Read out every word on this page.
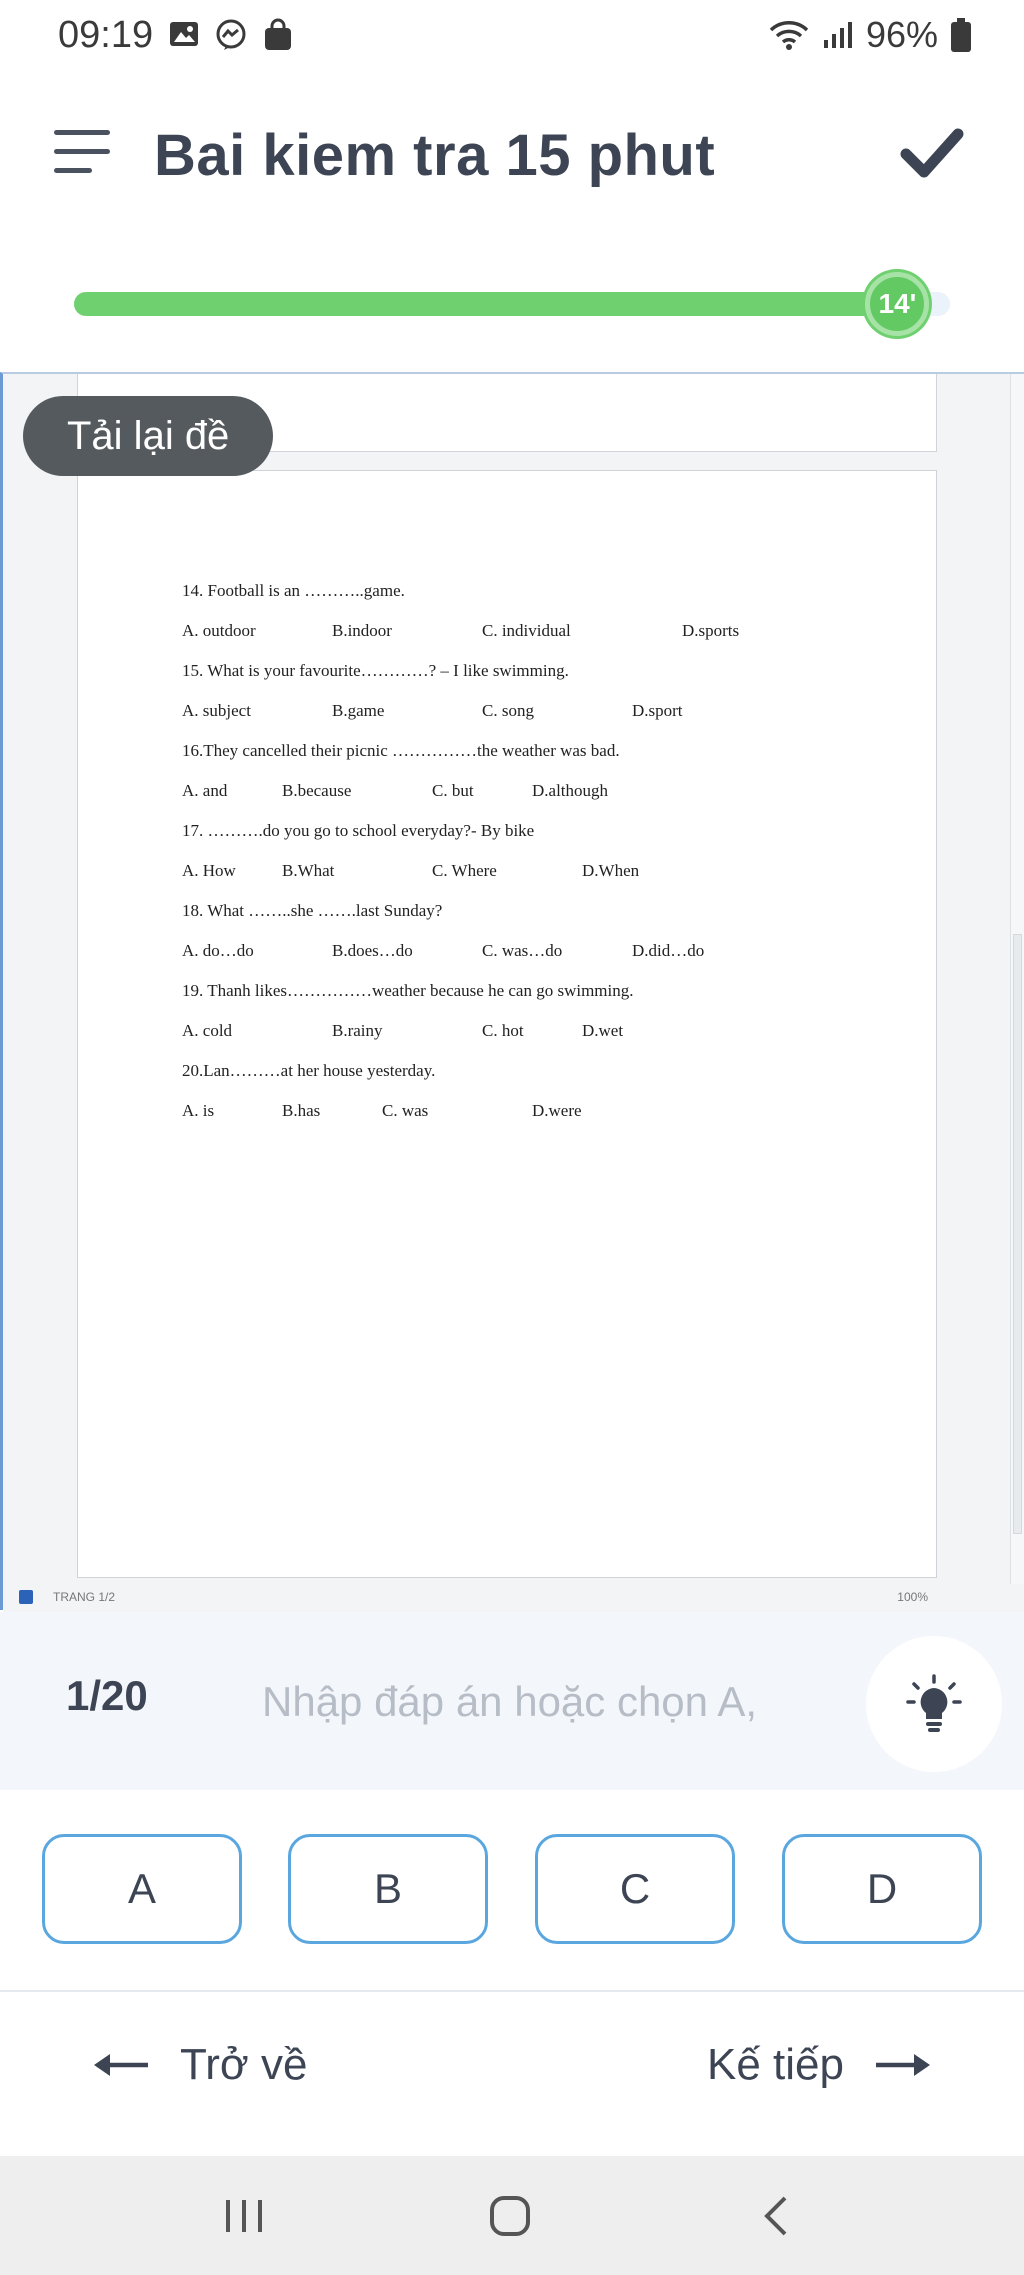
09:19	96%
Bai kiem tra 15 phut
14'
14. Football is an ………..game.
A. outdoor	B.indoor	C. individual	D.sports
15. What is your favourite…………? – I like swimming.
A. subject	B.game	C. song	D.sport
16.They cancelled their picnic ……………the weather was bad.
A. and	B.because	C. but	D.although
17. ……….do you go to school everyday?- By bike
A. How	B.What	C. Where	D.When
18. What ……..she …….last Sunday?
A. do…do	B.does…do	C. was…do	D.did…do
19. Thanh likes……………weather because he can go swimming.
A. cold	B.rainy	C. hot	D.wet
20.Lan………at her house yesterday.
A. is	B.has	C. was	D.were
Tải lại đề
TRANG 1/2	100%
1/20
Nhập đáp án hoặc chọn A,
A	B	C	D
Trở về	Kế tiếp
